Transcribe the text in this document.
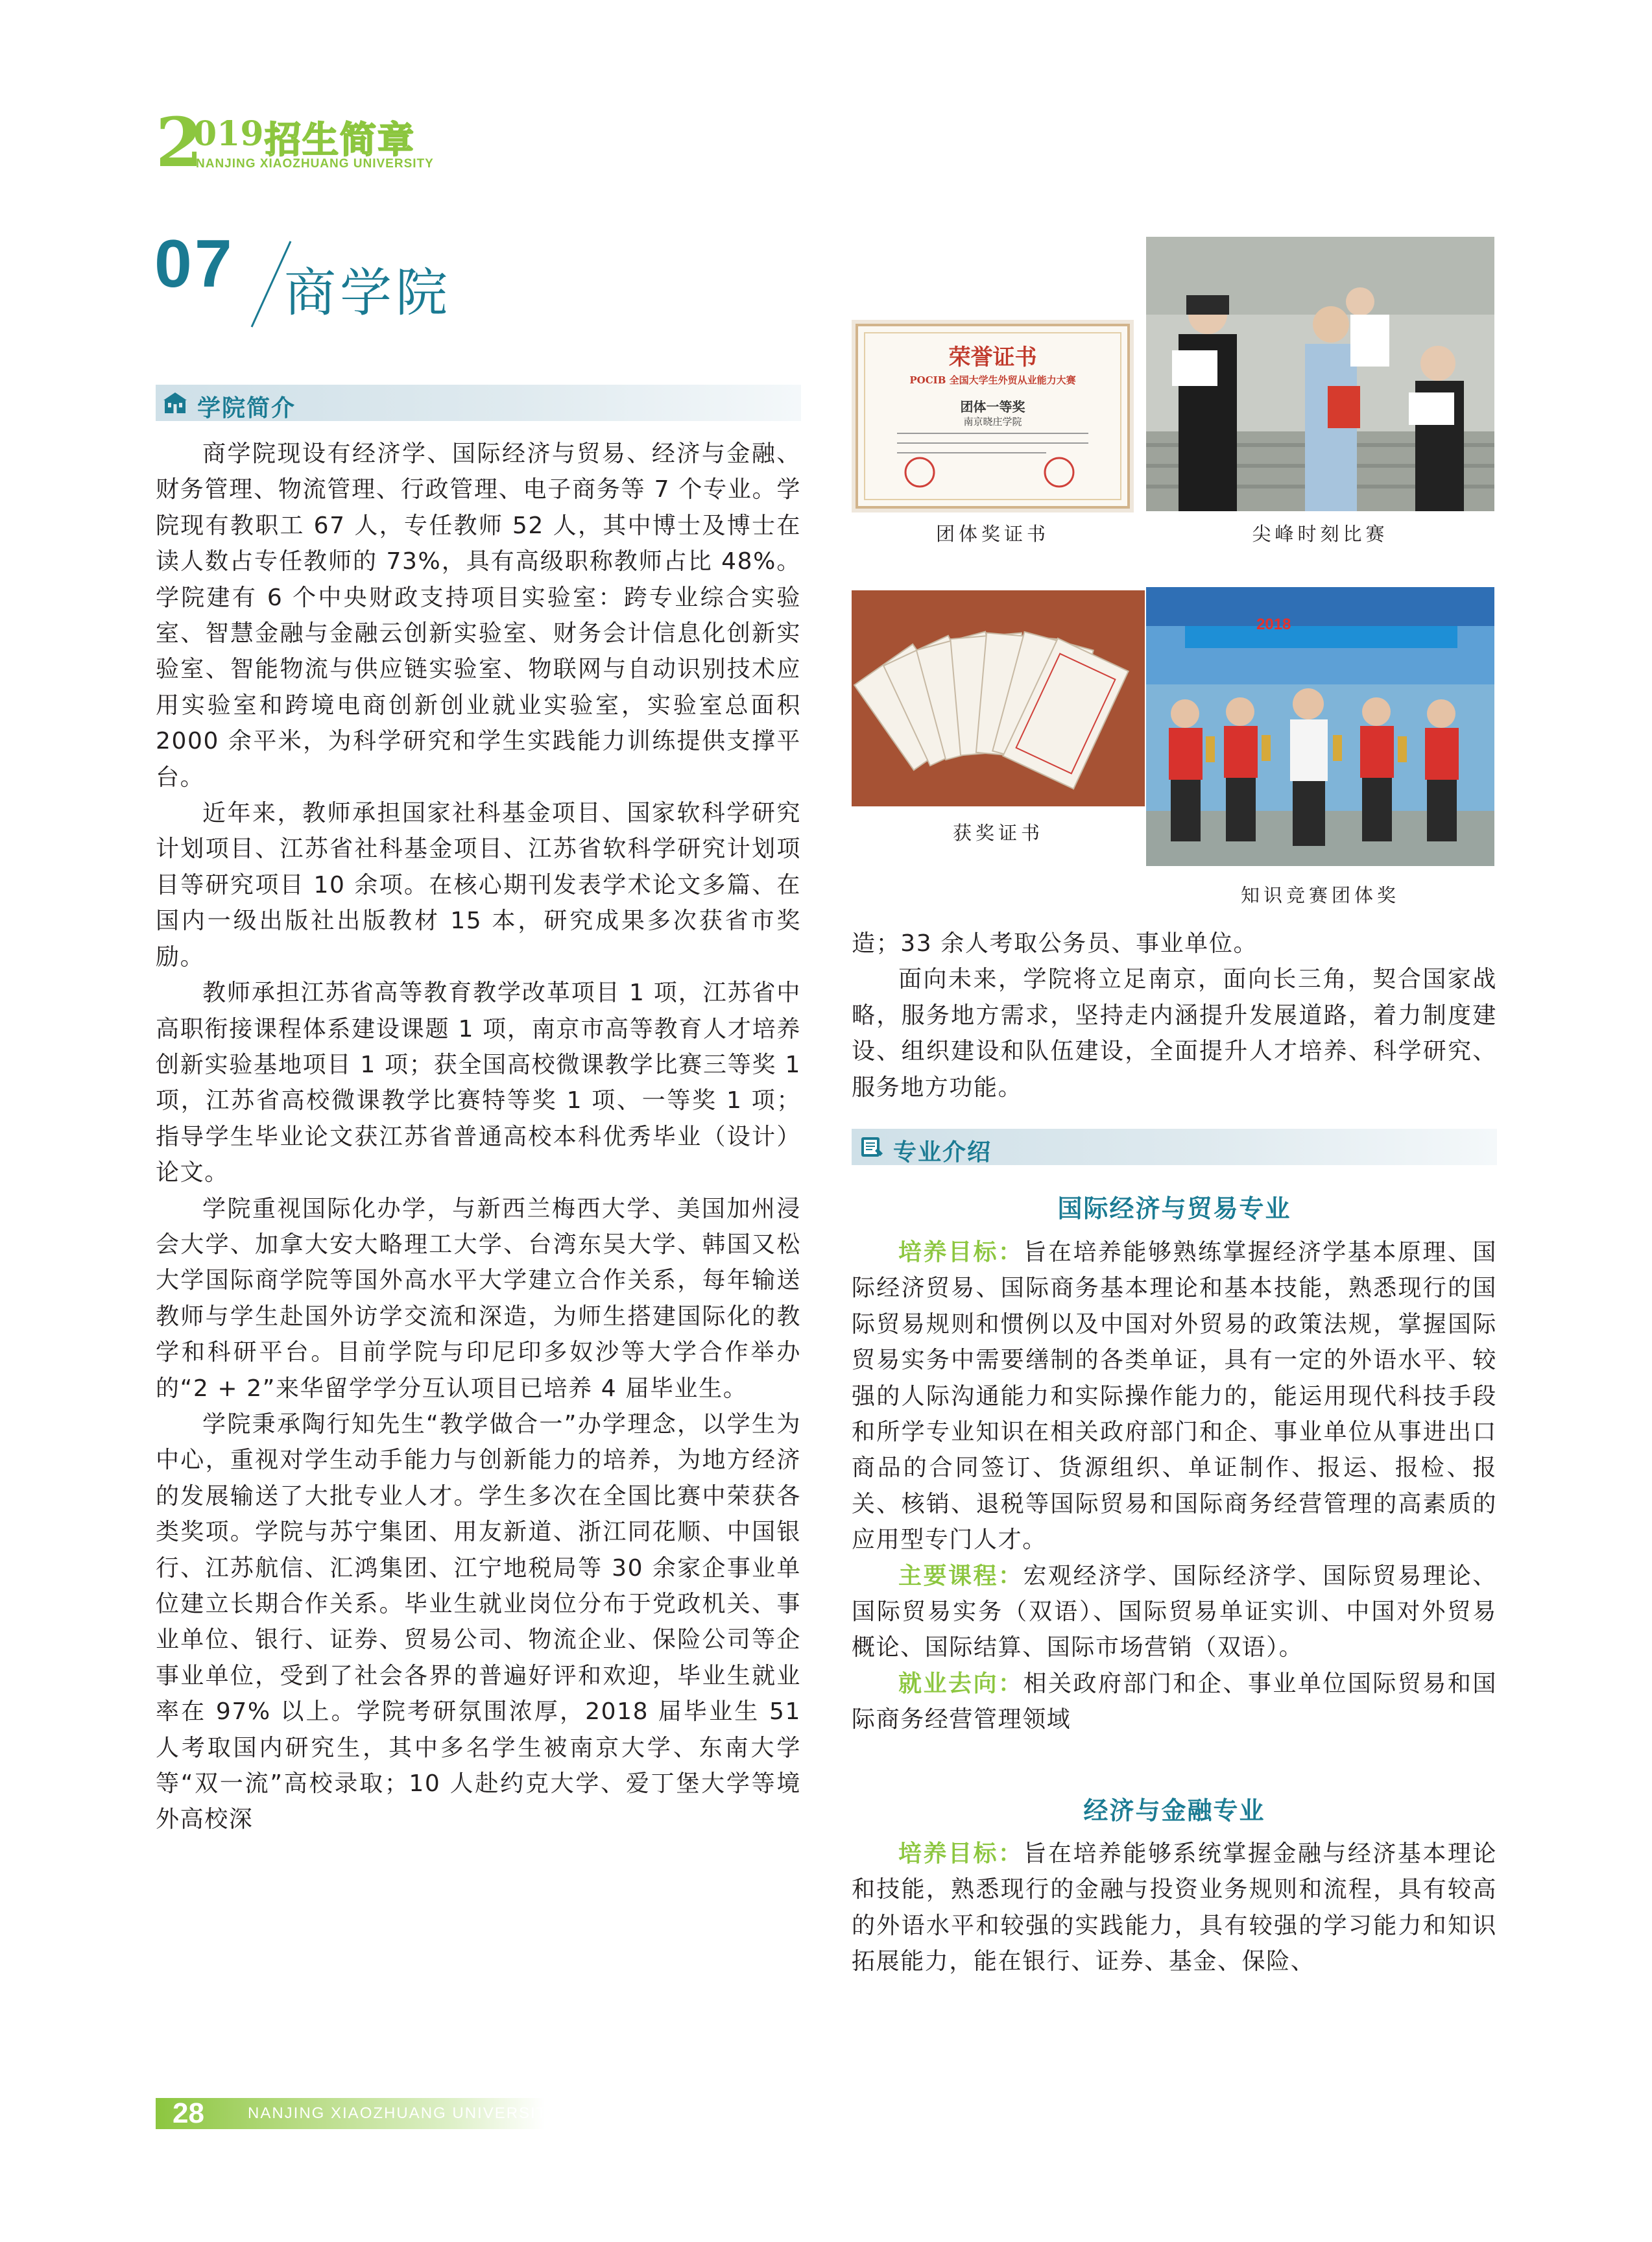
2
019 招生简章
NANJING XIAOZHUANG UNIVERSITY
07 商学院
学院简介

商学院现设有经济学、国际经济与贸易、经济与金融、财务管理、物流管理、行政管理、电子商务等 7 个专业。学院现有教职工 67 人，专任教师 52 人，其中博士及博士在读人数占专任教师的 73%，具有高级职称教师占比 48%。学院建有 6 个中央财政支持项目实验室：跨专业综合实验室、智慧金融与金融云创新实验室、财务会计信息化创新实验室、智能物流与供应链实验室、物联网与自动识别技术应用实验室和跨境电商创新创业就业实验室，实验室总面积 2000 余平米，为科学研究和学生实践能力训练提供支撑平台。

近年来，教师承担国家社科基金项目、国家软科学研究计划项目、江苏省社科基金项目、江苏省软科学研究计划项目等研究项目 10 余项。在核心期刊发表学术论文多篇、在国内一级出版社出版教材 15 本，研究成果多次获省市奖励。

教师承担江苏省高等教育教学改革项目 1 项，江苏省中高职衔接课程体系建设课题 1 项，南京市高等教育人才培养创新实验基地项目 1 项；获全国高校微课教学比赛三等奖 1 项，江苏省高校微课教学比赛特等奖 1 项、一等奖 1 项；指导学生毕业论文获江苏省普通高校本科优秀毕业（设计）论文。

学院重视国际化办学，与新西兰梅西大学、美国加州浸会大学、加拿大安大略理工大学、台湾东吴大学、韩国又松大学国际商学院等国外高水平大学建立合作关系，每年输送教师与学生赴国外访学交流和深造，为师生搭建国际化的教学和科研平台。目前学院与印尼印多奴沙等大学合作举办的“2 + 2”来华留学学分互认项目已培养 4 届毕业生。

学院秉承陶行知先生“教学做合一”办学理念，以学生为中心，重视对学生动手能力与创新能力的培养，为地方经济的发展输送了大批专业人才。学生多次在全国比赛中荣获各类奖项。学院与苏宁集团、用友新道、浙江同花顺、中国银行、江苏航信、汇鸿集团、江宁地税局等 30 余家企事业单位建立长期合作关系。毕业生就业岗位分布于党政机关、事业单位、银行、证券、贸易公司、物流企业、保险公司等企事业单位，受到了社会各界的普遍好评和欢迎，毕业生就业率在 97% 以上。学院考研氛围浓厚，2018 届毕业生 51 人考取国内研究生，其中多名学生被南京大学、东南大学等“双一流”高校录取；10 人赴约克大学、爱丁堡大学等境外高校深

荣誉证书
POCIB 全国大学生外贸从业能力大赛
团体一等奖
南京晓庄学院
团体奖证书	尖峰时刻比赛
获奖证书
2018
知识竞赛团体奖

造；33 余人考取公务员、事业单位。

面向未来，学院将立足南京，面向长三角，契合国家战略，服务地方需求，坚持走内涵提升发展道路，着力制度建设、组织建设和队伍建设，全面提升人才培养、科学研究、服务地方功能。

专业介绍
国际经济与贸易专业

培养目标：旨在培养能够熟练掌握经济学基本原理、国际经济贸易、国际商务基本理论和基本技能，熟悉现行的国际贸易规则和惯例以及中国对外贸易的政策法规，掌握国际贸易实务中需要缮制的各类单证，具有一定的外语水平、较强的人际沟通能力和实际操作能力的，能运用现代科技手段和所学专业知识在相关政府部门和企、事业单位从事进出口商品的合同签订、货源组织、单证制作、报运、报检、报关、核销、退税等国际贸易和国际商务经营管理的高素质的应用型专门人才。

主要课程：宏观经济学、国际经济学、国际贸易理论、国际贸易实务（双语）、国际贸易单证实训、中国对外贸易概论、国际结算、国际市场营销（双语）。

就业去向：相关政府部门和企、事业单位国际贸易和国际商务经营管理领域

经济与金融专业

培养目标：旨在培养能够系统掌握金融与经济基本理论和技能，熟悉现行的金融与投资业务规则和流程，具有较高的外语水平和较强的实践能力，具有较强的学习能力和知识拓展能力，能在银行、证券、基金、保险、

28	NANJING XIAOZHUANG UNIVERSITY
